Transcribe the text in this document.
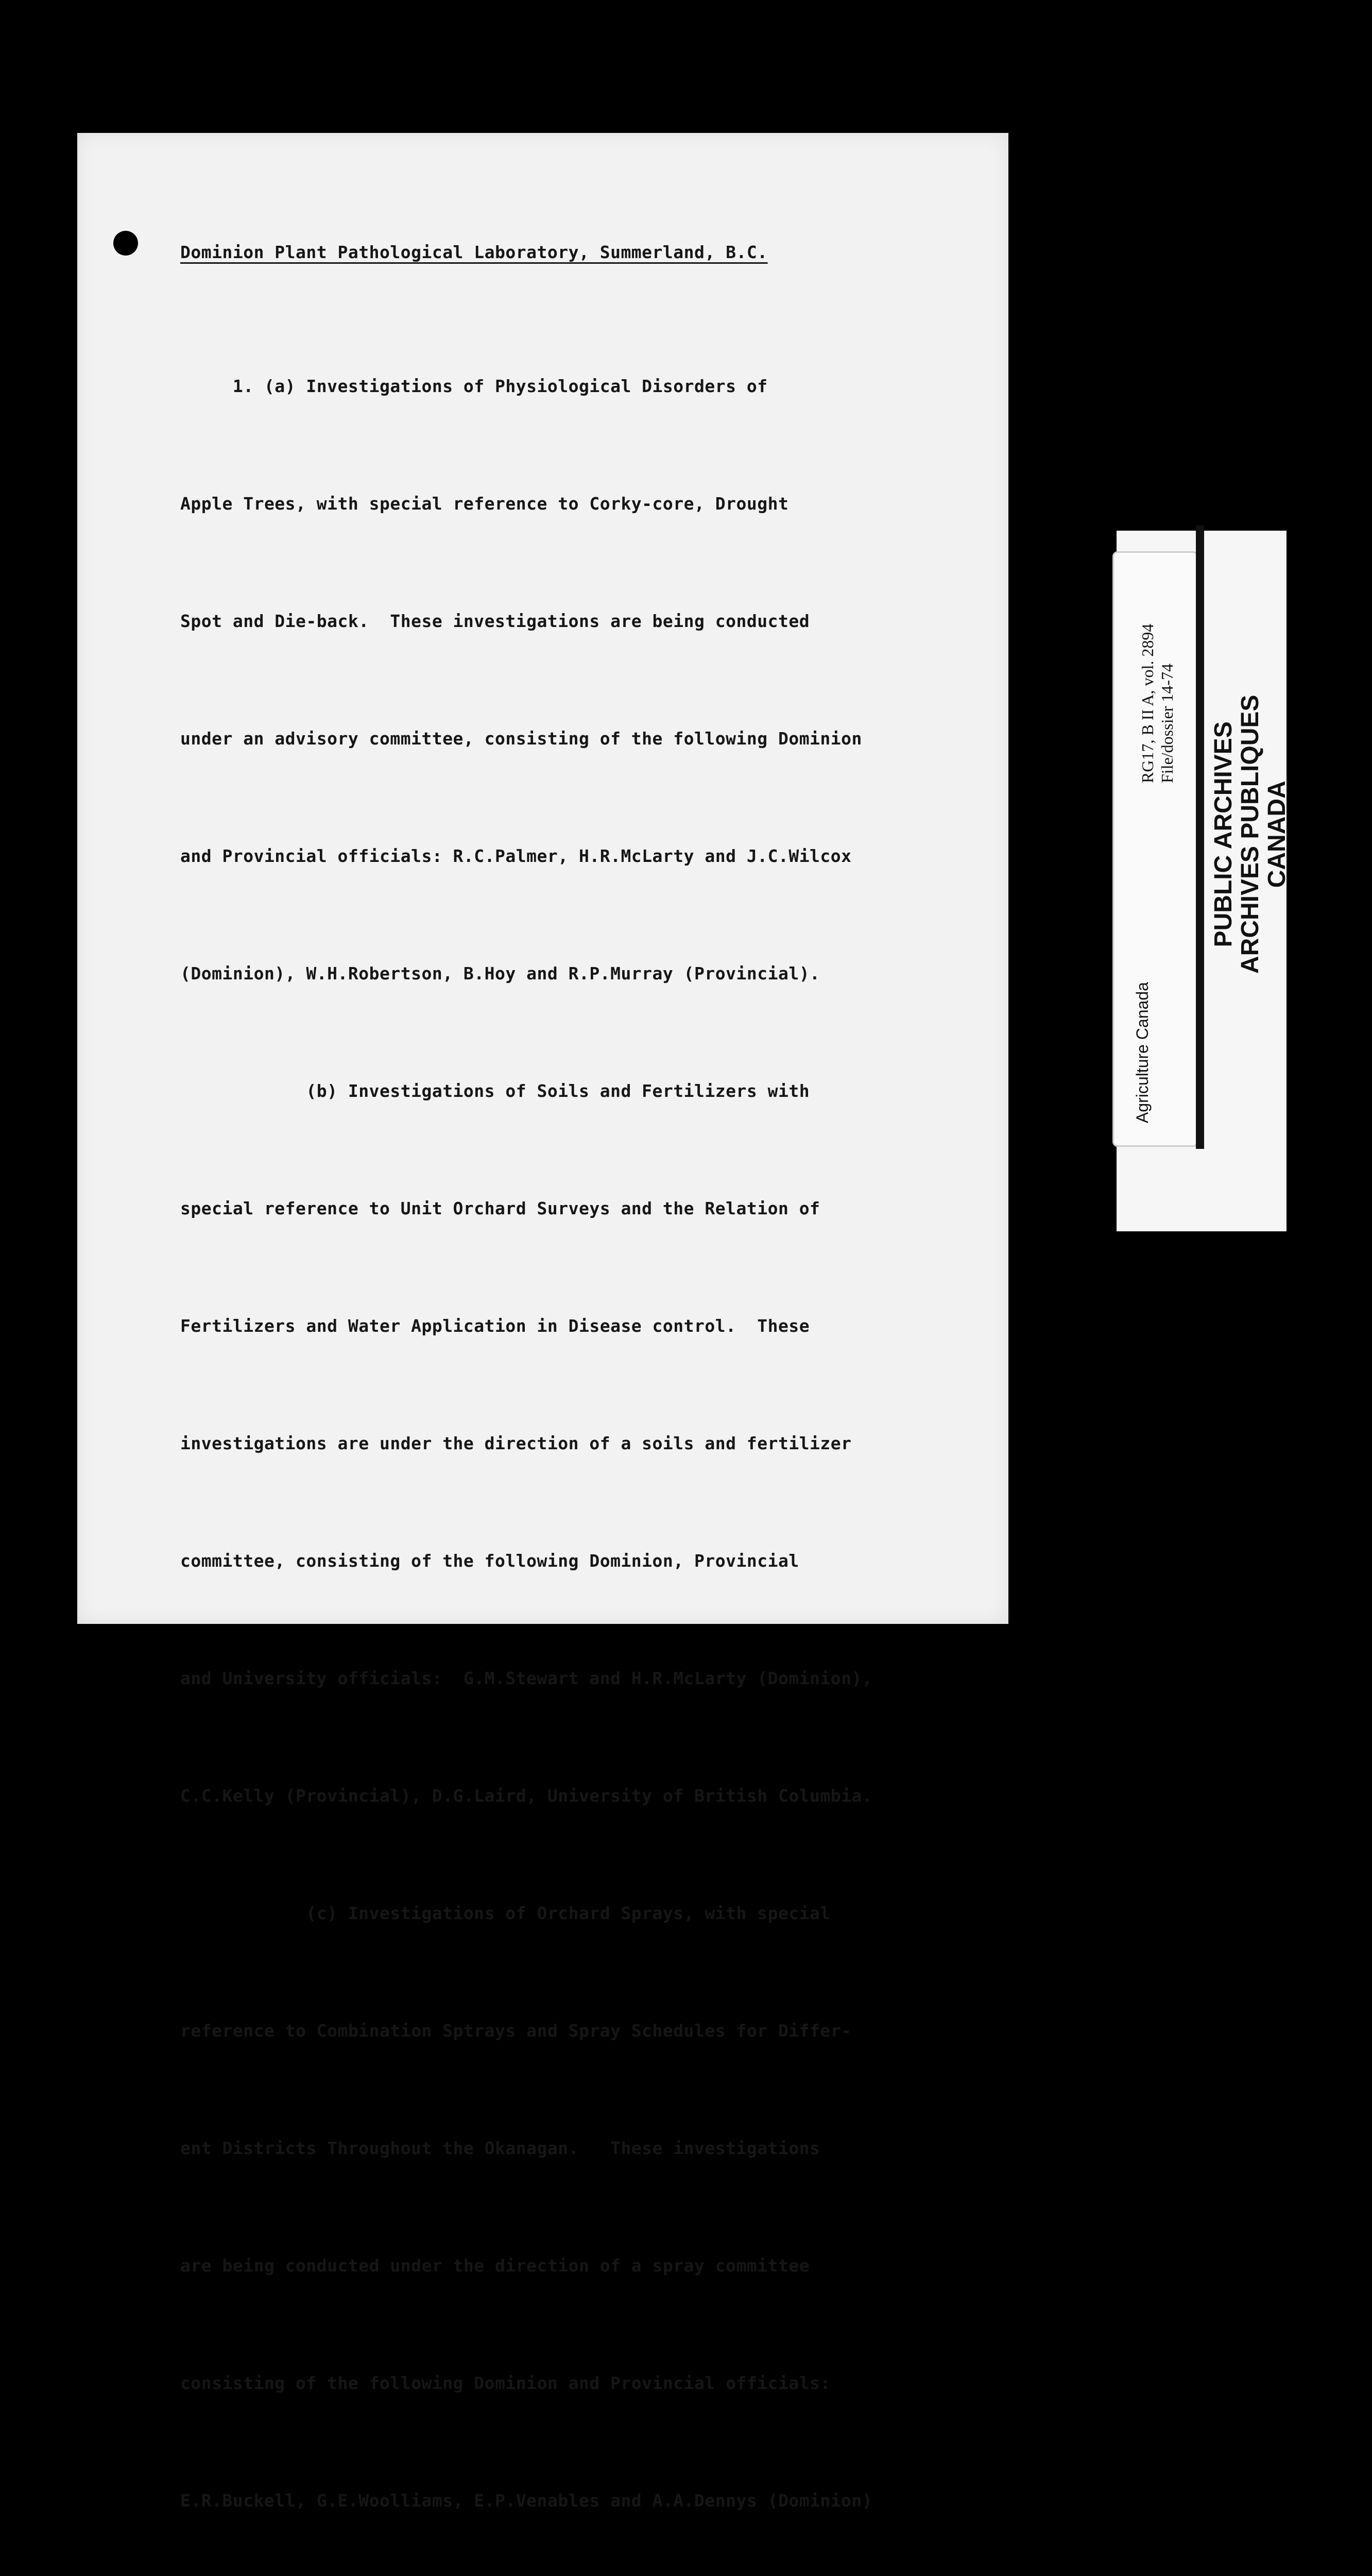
Dominion Plant Pathological Laboratory, Summerland, B.C.

1. (a) Investigations of Physiological Disorders of

Apple Trees, with special reference to Corky-core, Drought

Spot and Die-back.  These investigations are being conducted

under an advisory committee, consisting of the following Dominion

and Provincial officials: R.C.Palmer, H.R.McLarty and J.C.Wilcox

(Dominion), W.H.Robertson, B.Hoy and R.P.Murray (Provincial).

(b) Investigations of Soils and Fertilizers with

special reference to Unit Orchard Surveys and the Relation of

Fertilizers and Water Application in Disease control.  These

investigations are under the direction of a soils and fertilizer

committee, consisting of the following Dominion, Provincial

and University officials:  G.M.Stewart and H.R.McLarty (Dominion),

C.C.Kelly (Provincial), D.G.Laird, University of British Columbia.

(c) Investigations of Orchard Sprays, with special

reference to Combination Sptrays and Spray Schedules for Differ-

ent Districts Throughout the Okanagan.   These investigations

are being conducted under the direction of a spray committee

consisting of the following Dominion and Provincial officials:

E.R.Buckell, G.E.Woolliams, E.P.Venables and A.A.Dennys (Dominion)

Agriculture Canada
RG17, B II A, vol. 2894 File/dossier 14-74 PUBLIC ARCHIVES ARCHIVES PUBLIQUES CANADA
